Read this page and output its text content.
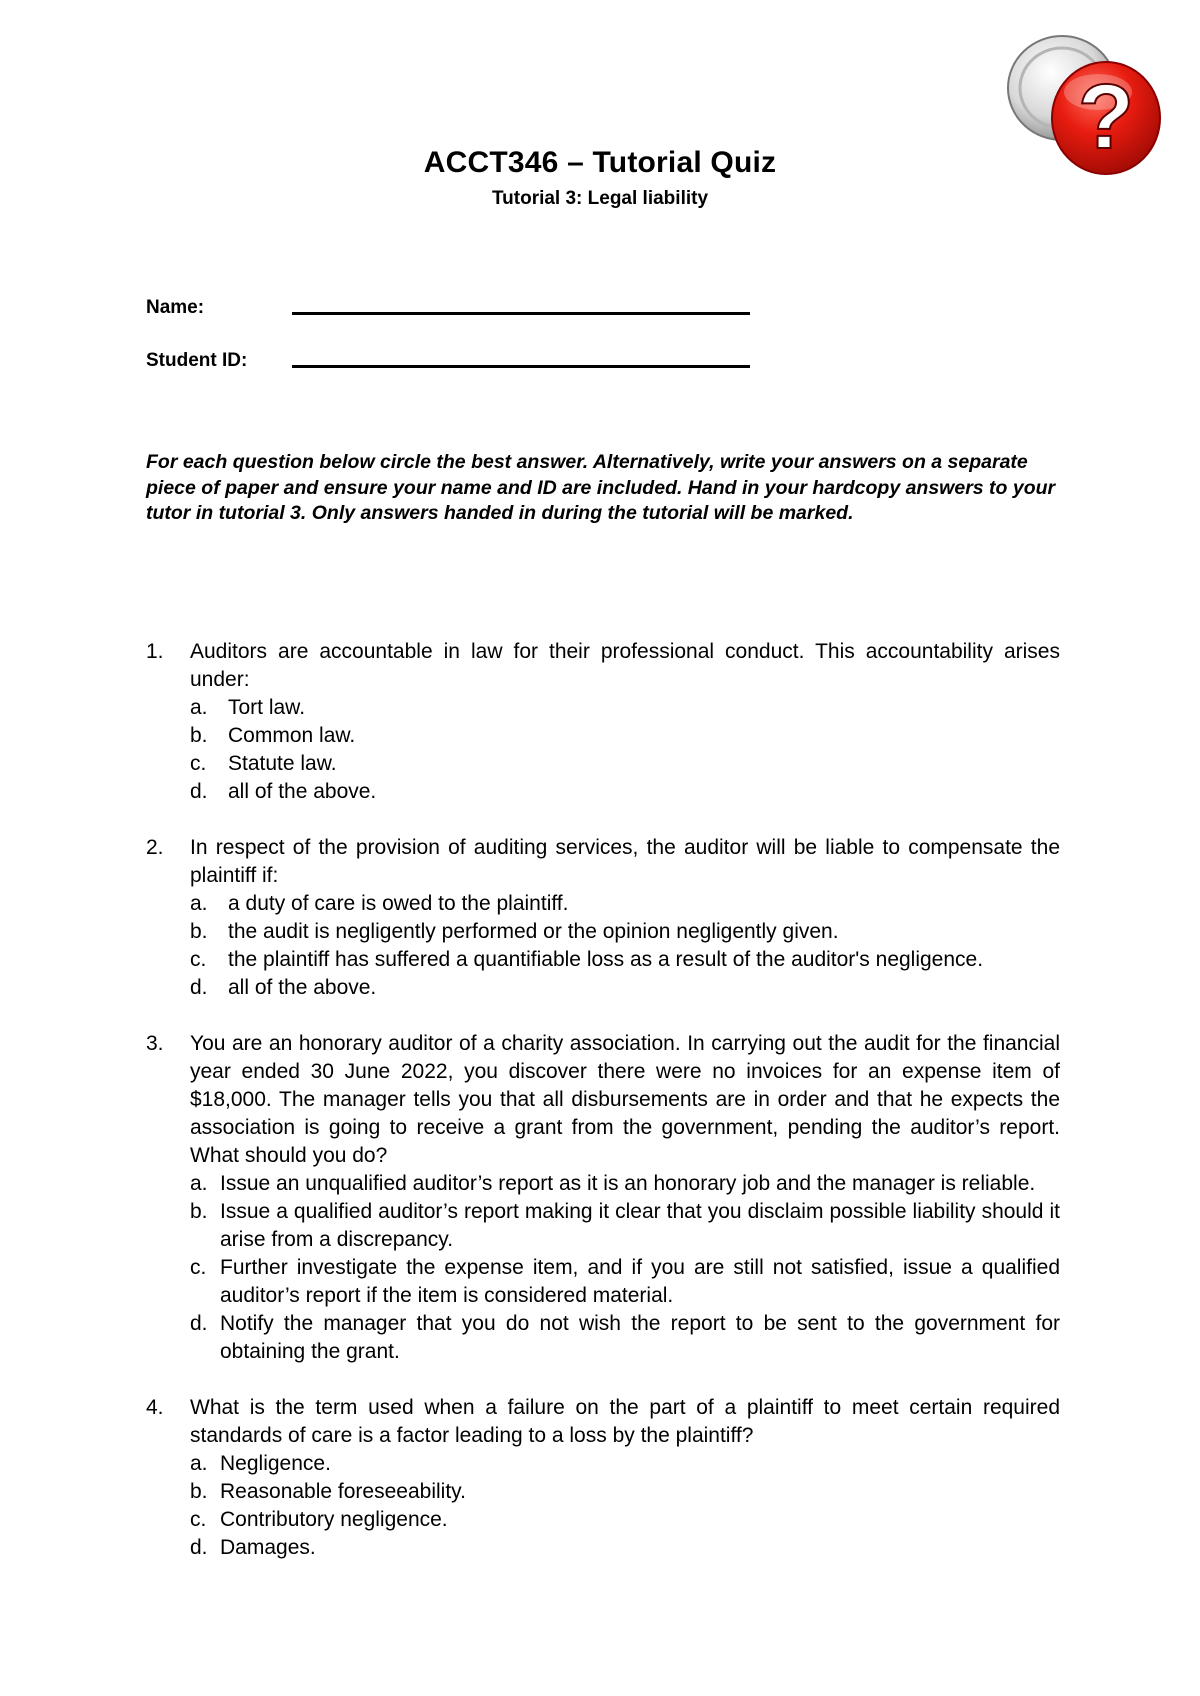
?
ACCT346 – Tutorial Quiz
Tutorial 3: Legal liability
Name:
Student ID:
For each question below circle the best answer. Alternatively, write your answers on a separate piece of paper and ensure your name and ID are included. Hand in your hardcopy answers to your tutor in tutorial 3. Only answers handed in during the tutorial will be marked.
1.	Auditors are accountable in law for their professional conduct. This accountability arises under:
a. Tort law.
b. Common law.
c.	Statute law.
d. all of the above.
2.	In respect of the provision of auditing services, the auditor will be liable to compensate the plaintiff if:
a. a duty of care is owed to the plaintiff.
b. the audit is negligently performed or the opinion negligently given.
c.	the plaintiff has suffered a quantifiable loss as a result of the auditor's negligence.
d. all of the above.
3.	You are an honorary auditor of a charity association. In carrying out the audit for the financial year ended 30 June 2022, you discover there were no invoices for an expense item of $18,000. The manager tells you that all disbursements are in order and that he expects the association is going to receive a grant from the government, pending the auditor’s report. What should you do?
a. Issue an unqualified auditor’s report as it is an honorary job and the manager is reliable.
b. Issue a qualified auditor’s report making it clear that you disclaim possible liability should it arise from a discrepancy.
c. Further investigate the expense item, and if you are still not satisfied, issue a qualified auditor’s report if the item is considered material.
d. Notify the manager that you do not wish the report to be sent to the government for obtaining the grant.
4.	What is the term used when a failure on the part of a plaintiff to meet certain required standards of care is a factor leading to a loss by the plaintiff?
a. Negligence.
b. Reasonable foreseeability.
c. Contributory negligence.
d. Damages.
